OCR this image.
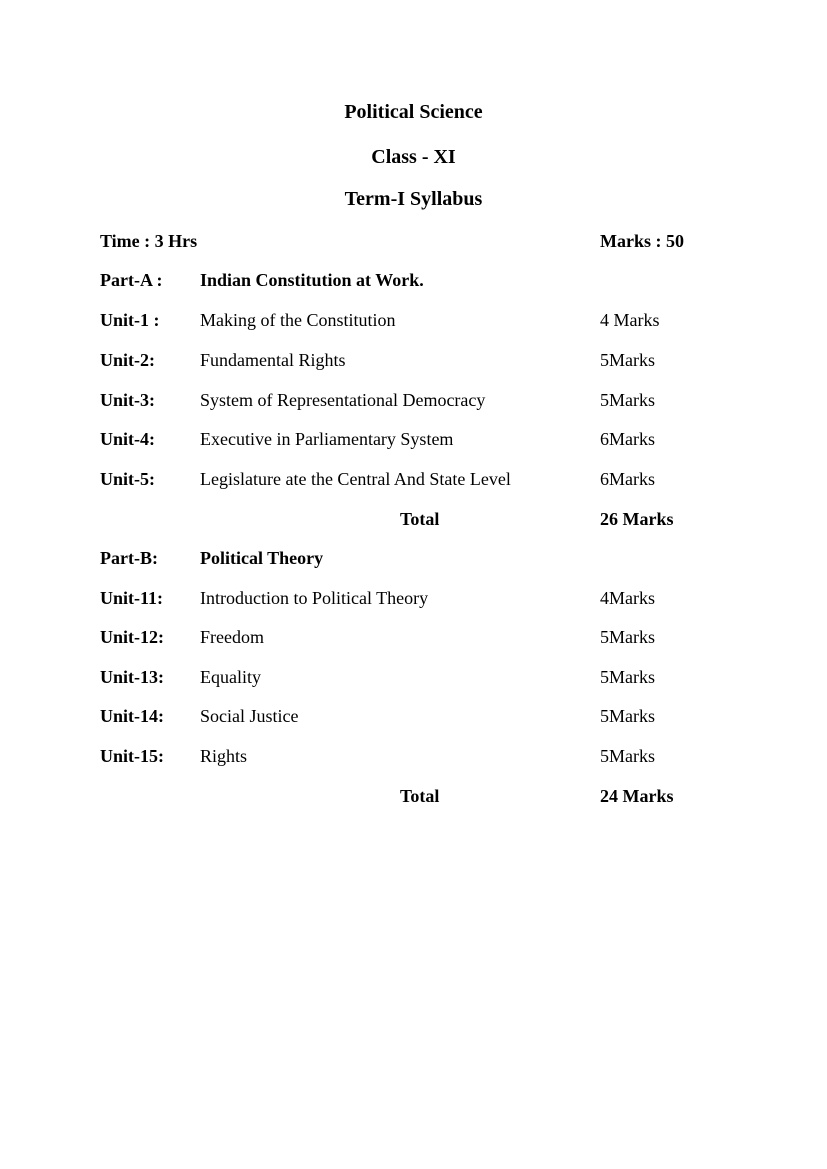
Political Science
Class - XI
Term-I Syllabus
Time : 3 Hrs	Marks : 50
Part-A : Indian Constitution at Work.
Unit-1 : Making of the Constitution	4 Marks
Unit-2:	Fundamental Rights	5Marks
Unit-3:	System of Representational Democracy	5Marks
Unit-4:	Executive in Parliamentary System	6Marks
Unit-5:	Legislature ate the Central And State Level	6Marks
Total	26 Marks
Part-B: Political Theory
Unit-11: Introduction to Political Theory	4Marks
Unit-12: Freedom	5Marks
Unit-13: Equality	5Marks
Unit-14: Social Justice	5Marks
Unit-15: Rights	5Marks
Total	24 Marks
